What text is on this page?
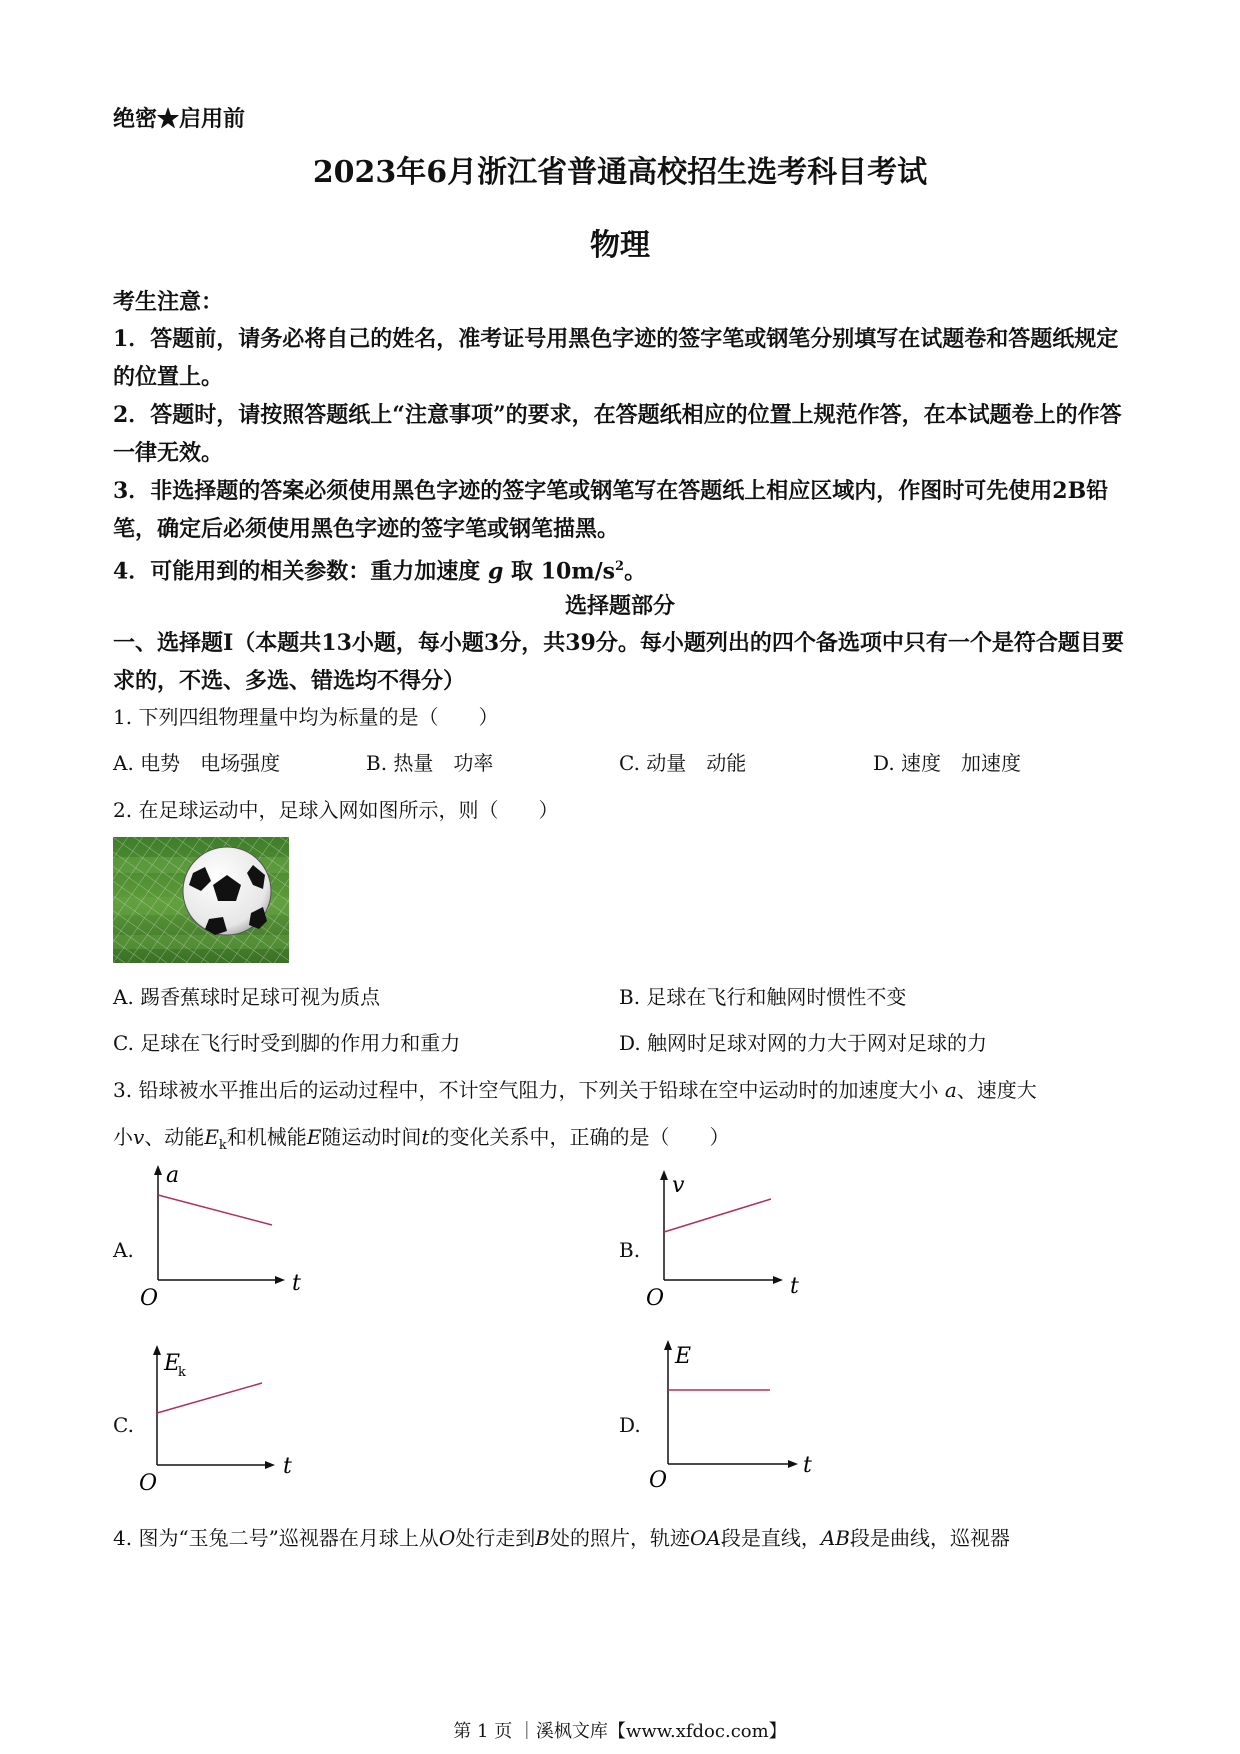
绝密★启用前
2023年6月浙江省普通高校招生选考科目考试
物理
考生注意：
1．答题前，请务必将自己的姓名，准考证号用黑色字迹的签字笔或钢笔分别填写在试题卷和答题纸规定的位置上。
2．答题时，请按照答题纸上“注意事项”的要求，在答题纸相应的位置上规范作答，在本试题卷上的作答一律无效。
3．非选择题的答案必须使用黑色字迹的签字笔或钢笔写在答题纸上相应区域内，作图时可先使用2B铅笔，确定后必须使用黑色字迹的签字笔或钢笔描黑。
4．可能用到的相关参数：重力加速度 g 取 $10m/s^2$。
选择题部分
一、选择题Ⅰ（本题共13小题，每小题3分，共39分。每小题列出的四个备选项中只有一个是符合题目要求的，不选、多选、错选均不得分）
1. 下列四组物理量中均为标量的是（　　）
A. 电势　电场强度	B. 热量　功率	C. 动量　动能	D. 速度　加速度
2. 在足球运动中，足球入网如图所示，则（　　）
A. 踢香蕉球时足球可视为质点	B. 足球在飞行和触网时惯性不变
C. 足球在飞行时受到脚的作用力和重力	D. 触网时足球对网的力大于网对足球的力
3. 铅球被水平推出后的运动过程中，不计空气阻力，下列关于铅球在空中运动时的加速度大小 a、速度大
小v、动能$E_k$和机械能E随运动时间t的变化关系中，正确的是（　　）
A.
a
t
O
B.
v
t
O
C.
E
k
t
O
D.
E
t
O
4. 图为“玉兔二号”巡视器在月球上从O处行走到B处的照片，轨迹OA段是直线，AB段是曲线，巡视器
第 1 页 ｜溪枫文库【www.xfdoc.com】
